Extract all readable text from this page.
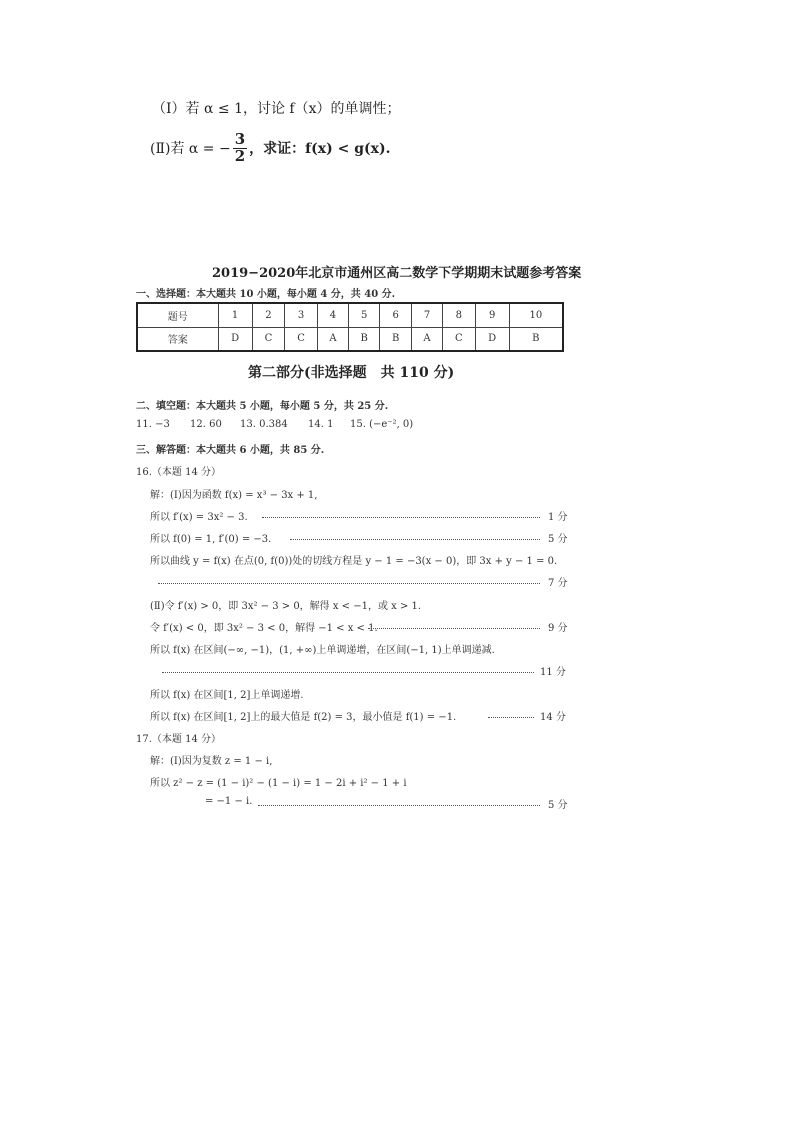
（Ⅰ）若 α ≤ 1，讨论 f（x）的单调性；
(Ⅱ)若 α = − $\frac{3}{2}$ ，求证：f(x) < g(x).
2019−2020年北京市通州区高二数学下学期期末试题参考答案
一、选择题：本大题共 10 小题，每小题 4 分，共 40 分.
题号	1	2	3	4	5	6	7	8	9	10
答案	D	C	C	A	B	B	A	C	D	B
第二部分(非选择题　共 110 分)
二、填空题：本大题共 5 小题，每小题 5 分，共 25 分.
11. −3 12. 60 13. 0.384 14. 1 15. (−e⁻², 0)
三、解答题：本大题共 6 小题，共 85 分.
16.（本题 14 分）
解：(Ⅰ)因为函数 f(x) = x³ − 3x + 1,
所以 f′(x) = 3x² − 3.	1 分
所以 f(0) = 1, f′(0) = −3.	5 分
所以曲线 y = f(x) 在点(0, f(0))处的切线方程是 y − 1 = −3(x − 0)，即 3x + y − 1 = 0.
7 分
(Ⅱ)令 f′(x) > 0，即 3x² − 3 > 0，解得 x < −1，或 x > 1.
令 f′(x) < 0，即 3x² − 3 < 0，解得 −1 < x < 1.	9 分
所以 f(x) 在区间(−∞, −1)，(1, +∞)上单调递增，在区间(−1, 1)上单调递减.
11 分
所以 f(x) 在区间[1, 2]上单调递增.
所以 f(x) 在区间[1, 2]上的最大值是 f(2) = 3，最小值是 f(1) = −1.	14 分
17.（本题 14 分）
解：(Ⅰ)因为复数 z = 1 − i,
所以 z² − z = (1 − i)² − (1 − i) = 1 − 2i + i² − 1 + i
= −1 − i.	5 分
